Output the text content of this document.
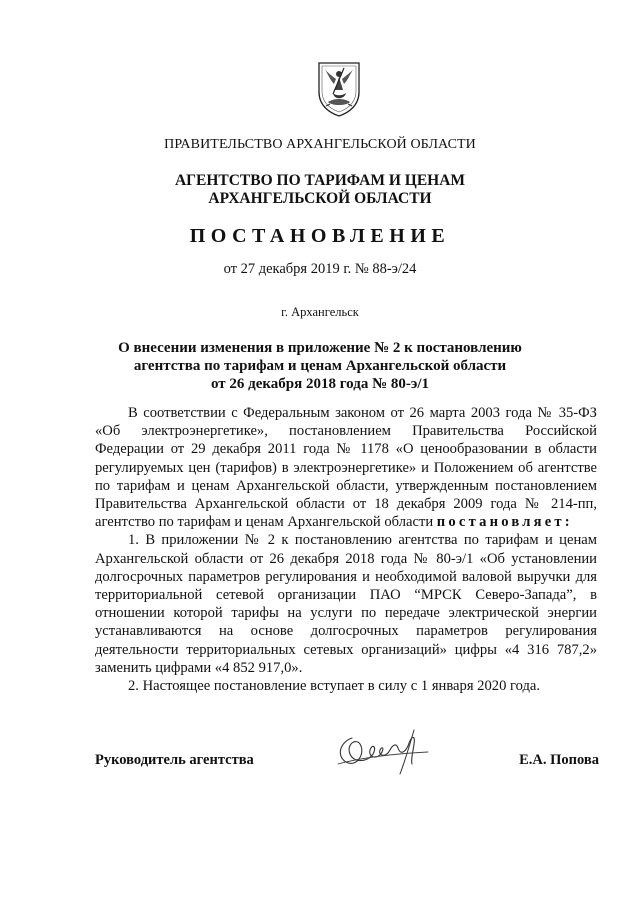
ПРАВИТЕЛЬСТВО АРХАНГЕЛЬСКОЙ ОБЛАСТИ
АГЕНТСТВО ПО ТАРИФАМ И ЦЕНАМ
АРХАНГЕЛЬСКОЙ ОБЛАСТИ
ПОСТАНОВЛЕНИЕ
от 27 декабря 2019 г. № 88-э/24
г. Архангельск
О внесении изменения в приложение № 2 к постановлению
агентства по тарифам и ценам Архангельской области
от 26 декабря 2018 года № 80-э/1

В соответствии с Федеральным законом от 26 марта 2003 года № 35-ФЗ «Об электроэнергетике», постановлением Правительства Российской Федерации от 29 декабря 2011 года № 1178 «О ценообразовании в области регулируемых цен (тарифов) в электроэнергетике» и Положением об агентстве по тарифам и ценам Архангельской области, утвержденным постановлением Правительства Архангельской области от 18 декабря 2009 года № 214-пп, агентство по тарифам и ценам Архангельской области постановляет:

1. В приложении № 2 к постановлению агентства по тарифам и ценам Архангельской области от 26 декабря 2018 года № 80-э/1 «Об установлении долгосрочных параметров регулирования и необходимой валовой выручки для территориальной сетевой организации ПАО “МРСК Северо-Запада”, в отношении которой тарифы на услуги по передаче электрической энергии устанавливаются на основе долгосрочных параметров регулирования деятельности территориальных сетевых организаций» цифры «4 316 787,2» заменить цифрами «4 852 917,0».

2. Настоящее постановление вступает в силу с 1 января 2020 года.

Руководитель агентства	Е.А. Попова
